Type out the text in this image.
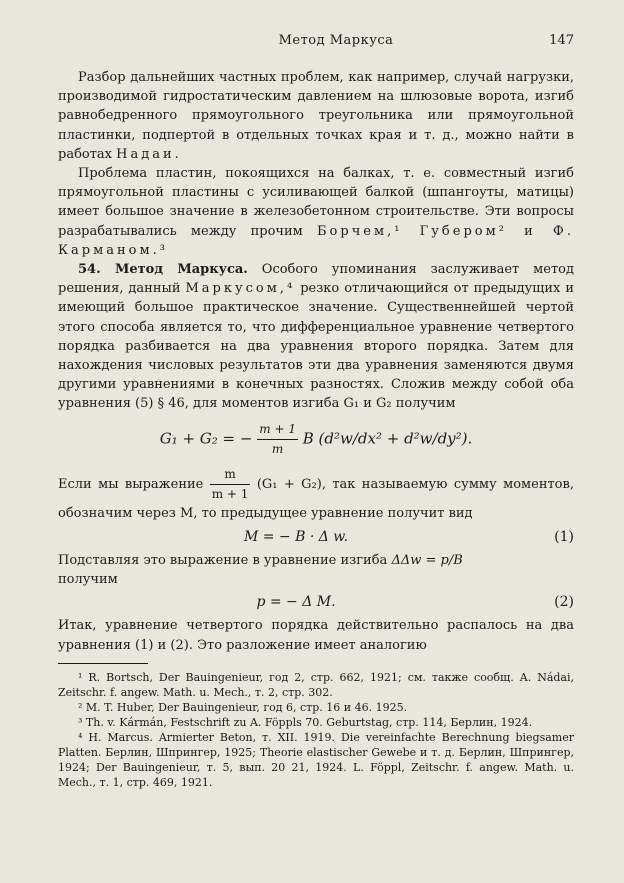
Метод Маркуса	147

Разбор дальнейших частных проблем, как например, случай нагрузки, производимой гидростатическим давлением на шлюзовые ворота, изгиб равнобедренного прямоугольного треугольника или прямоугольной пластинки, подпертой в отдельных точках края и т. д., можно найти в работах Надаи.

Проблема пластин, покоящихся на балках, т. е. совместный изгиб прямоугольной пластины с усиливающей балкой (шпангоуты, матицы) имеет большое значение в железобетонном строительстве. Эти вопросы разрабатывались между прочим Борчем,¹ Губером² и Ф. Карманом.³

54. Метод Маркуса. Особого упоминания заслуживает метод решения, данный Маркусом,⁴ резко отличающийся от предыдущих и имеющий большое практическое значение. Существеннейшей чертой этого способа является то, что дифференциальное уравнение четвертого порядка разбивается на два уравнения второго порядка. Затем для нахождения числовых результатов эти два уравнения заменяются двумя другими уравнениями в конечных разностях. Сложив между собой оба уравнения (5) § 46, для моментов изгиба G₁ и G₂ получим

G₁ + G₂ = − $\frac{m + 1}{m}$ B (d²w/dx² + d²w/dy²).

Если мы выражение $\frac{m}{m + 1} (G_1 + G_2)$, так называемую сумму моментов, обозначим через M, то предыдущее уравнение получит вид

M = − B · Δ w.	(1)

Подставляя это выражение в уравнение изгиба ΔΔw = p/B
получим

p = − Δ M.	(2)

Итак, уравнение четвертого порядка действительно распалось на два уравнения (1) и (2). Это разложение имеет аналогию

¹ R. Bortsch, Der Bauingenieur, год 2, стр. 662, 1921; см. также сообщ. A. Nádai, Zeitschr. f. angew. Math. u. Mech., т. 2, стр. 302.

² M. T. Huber, Der Bauingenieur, год 6, стр. 16 и 46. 1925.

³ Th. v. Kármán, Festschrift zu A. Föppls 70. Geburtstag, стр. 114, Берлин, 1924.

⁴ H. Marcus. Armierter Beton, т. XII. 1919. Die vereinfachte Berechnung biegsamer Platten. Берлин, Шпрингер, 1925; Theorie elastischer Gewebe и т. д. Берлин, Шпрингер, 1924; Der Bauingenieur, т. 5, вып. 20 21, 1924. L. Föppl, Zeitschr. f. angew. Math. u. Mech., т. 1, стр. 469, 1921.
